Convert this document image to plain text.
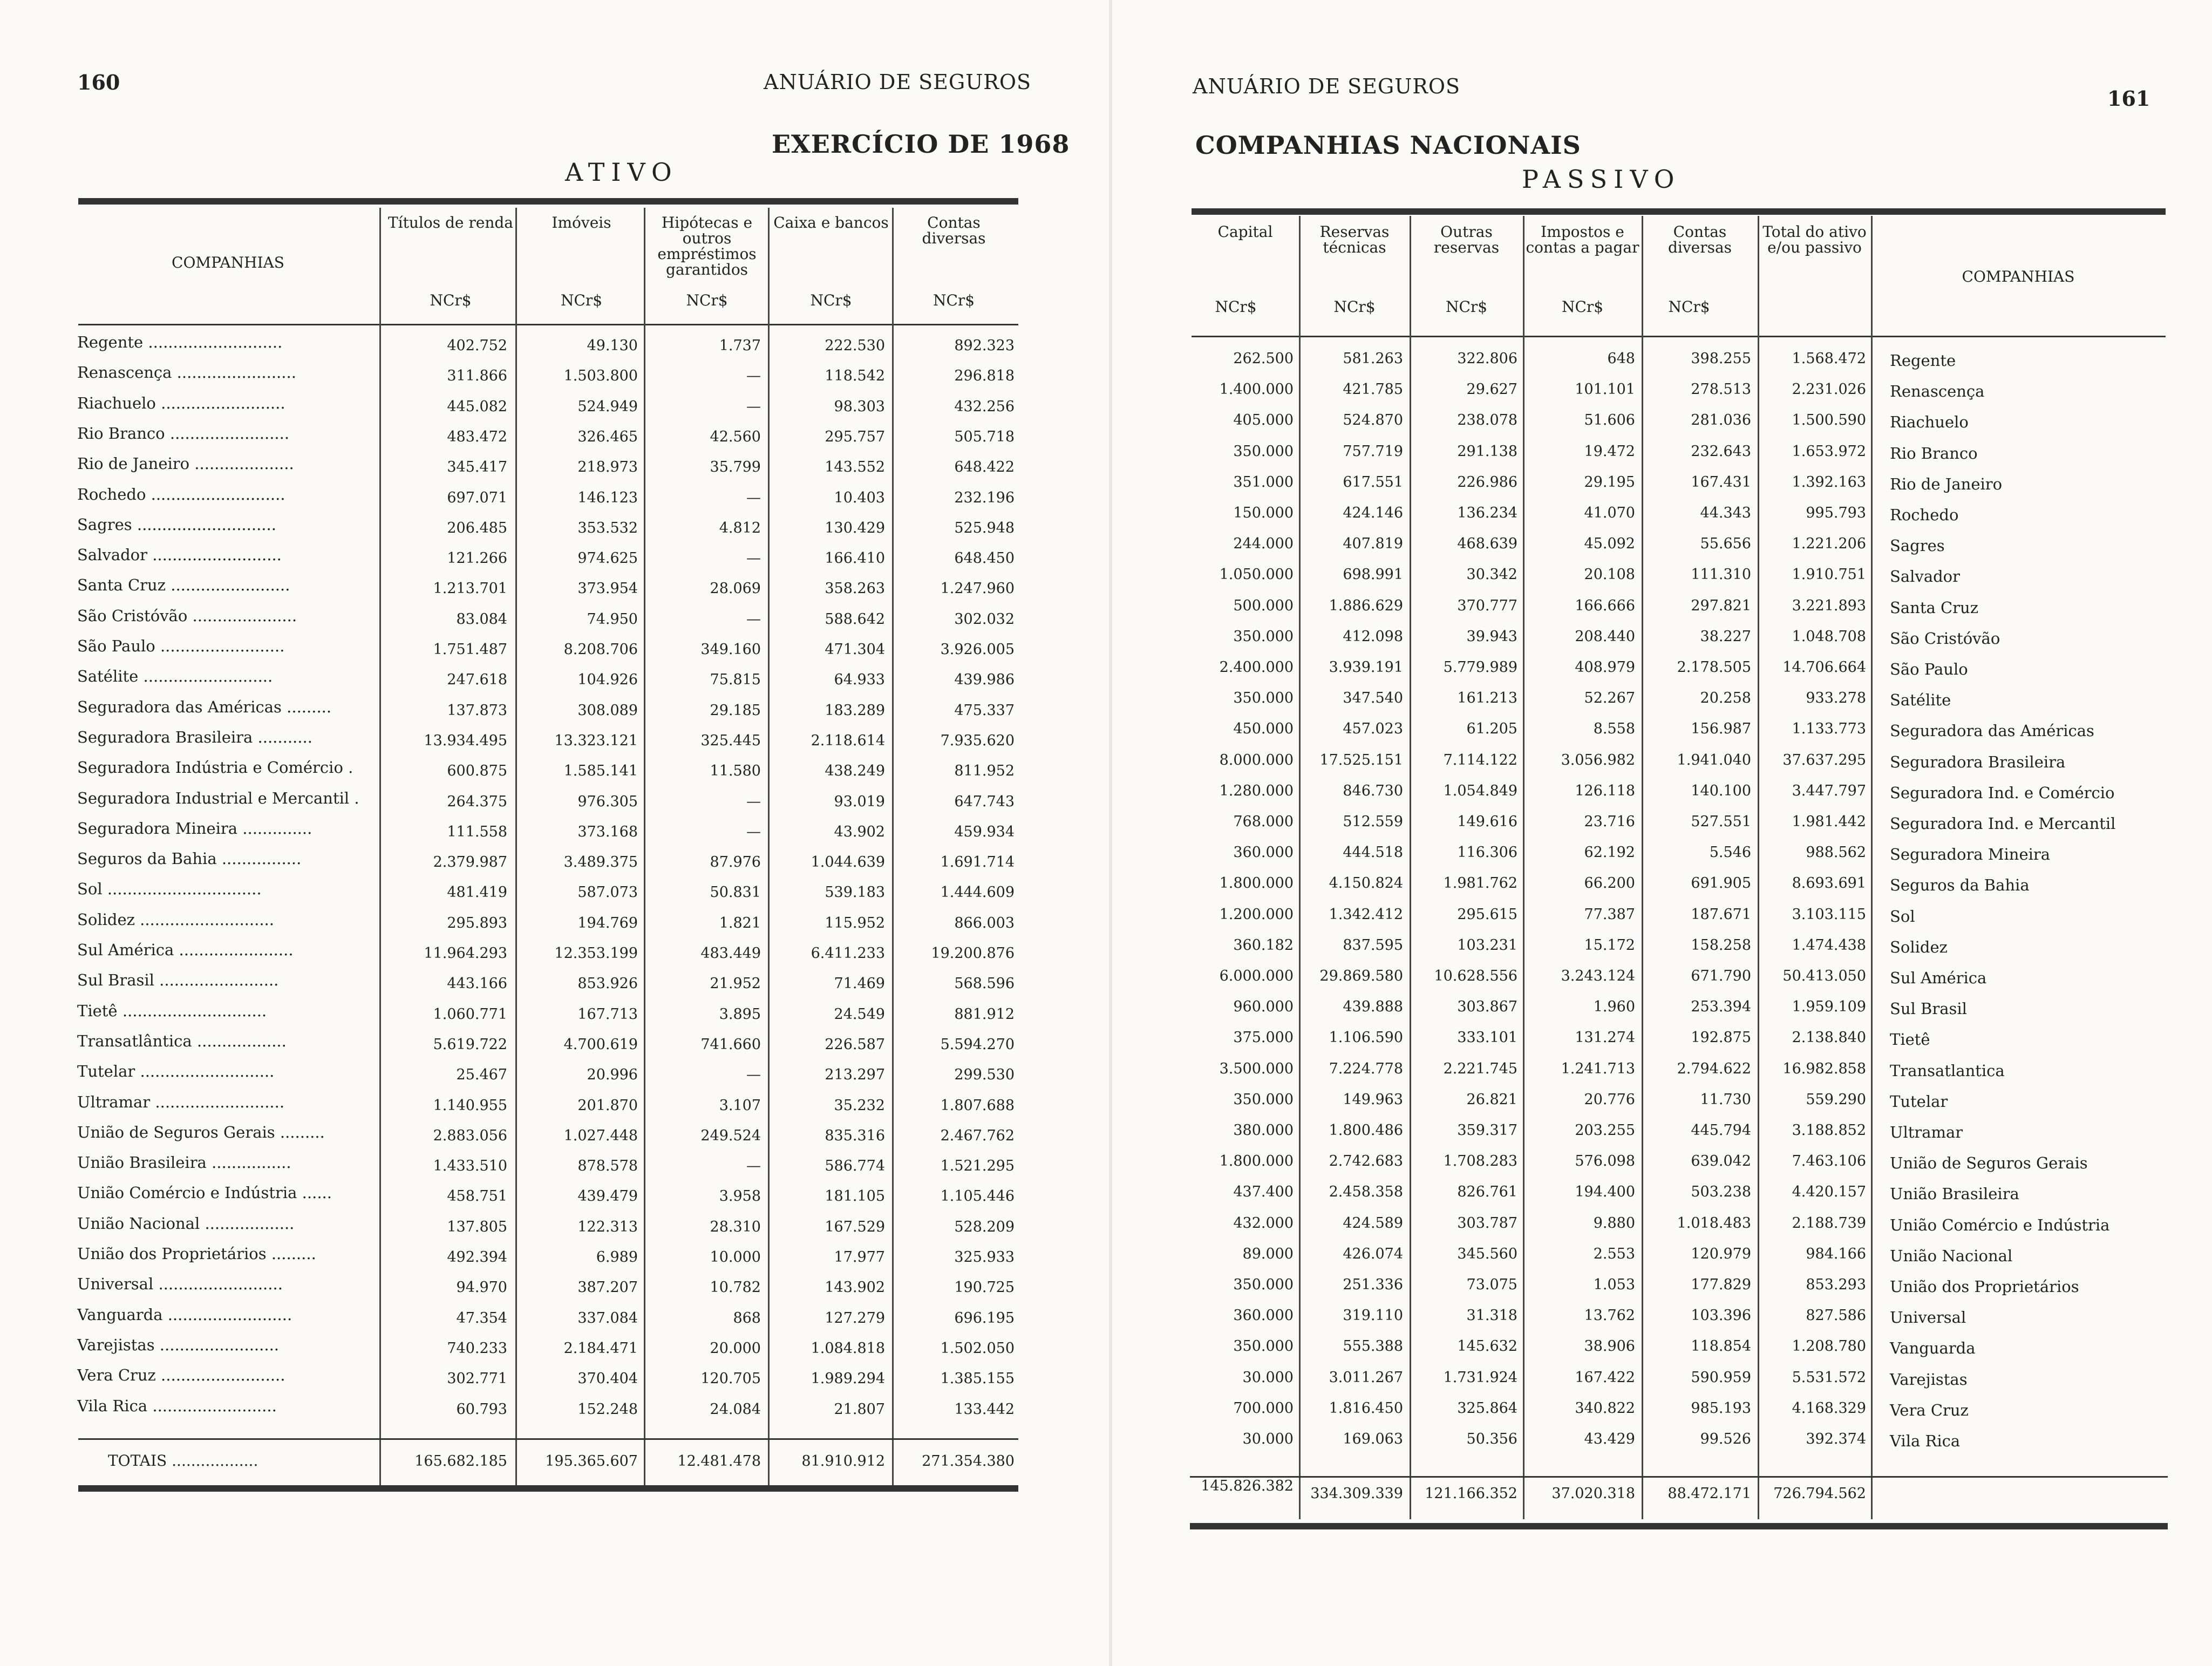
160	ANUÁRIO DE SEGUROS
EXERCÍCIO DE 1968
ATIVO
COMPANHIAS
Títulos de renda	Imóveis	Hipótecas e outros empréstimos garantidos
Caixa e bancos	Contas diversas
NCr$	NCr$	NCr$	NCr$	NCr$
Regente ...........................	402.752	49.130	1.737	222.530	892.323
Renascença ........................	311.866	1.503.800	—	118.542	296.818
Riachuelo .........................	445.082	524.949	—	98.303	432.256
Rio Branco ........................	483.472	326.465	42.560	295.757	505.718
Rio de Janeiro ....................	345.417	218.973	35.799	143.552	648.422
Rochedo ...........................	697.071	146.123	—	10.403	232.196
Sagres ............................	206.485	353.532	4.812	130.429	525.948
Salvador ..........................	121.266	974.625	—	166.410	648.450
Santa Cruz ........................	1.213.701	373.954	28.069	358.263	1.247.960
São Cristóvão .....................	83.084	74.950	—	588.642	302.032
São Paulo .........................	1.751.487	8.208.706	349.160	471.304	3.926.005
Satélite ..........................	247.618	104.926	75.815	64.933	439.986
Seguradora das Américas .........	137.873	308.089	29.185	183.289	475.337
Seguradora Brasileira ...........	13.934.495	13.323.121	325.445	2.118.614	7.935.620
Seguradora Indústria e Comércio .	600.875	1.585.141	11.580	438.249	811.952
Seguradora Industrial e Mercantil .	264.375	976.305	—	93.019	647.743
Seguradora Mineira ..............	111.558	373.168	—	43.902	459.934
Seguros da Bahia ................	2.379.987	3.489.375	87.976	1.044.639	1.691.714
Sol ...............................	481.419	587.073	50.831	539.183	1.444.609
Solidez ...........................	295.893	194.769	1.821	115.952	866.003
Sul América .......................	11.964.293	12.353.199	483.449	6.411.233	19.200.876
Sul Brasil ........................	443.166	853.926	21.952	71.469	568.596
Tietê .............................	1.060.771	167.713	3.895	24.549	881.912
Transatlântica ..................	5.619.722	4.700.619	741.660	226.587	5.594.270
Tutelar ...........................	25.467	20.996	—	213.297	299.530
Ultramar ..........................	1.140.955	201.870	3.107	35.232	1.807.688
União de Seguros Gerais .........	2.883.056	1.027.448	249.524	835.316	2.467.762
União Brasileira ................	1.433.510	878.578	—	586.774	1.521.295
União Comércio e Indústria ......	458.751	439.479	3.958	181.105	1.105.446
União Nacional ..................	137.805	122.313	28.310	167.529	528.209
União dos Proprietários .........	492.394	6.989	10.000	17.977	325.933
Universal .........................	94.970	387.207	10.782	143.902	190.725
Vanguarda .........................	47.354	337.084	868	127.279	696.195
Varejistas ........................	740.233	2.184.471	20.000	1.084.818	1.502.050
Vera Cruz .........................	302.771	370.404	120.705	1.989.294	1.385.155
Vila Rica .........................	60.793	152.248	24.084	21.807	133.442
TOTAIS ..................	165.682.185	195.365.607	12.481.478	81.910.912	271.354.380
ANUÁRIO DE SEGUROS	161
COMPANHIAS NACIONAIS
PASSIVO
Capital	Reservas técnicas
Outras reservas
Impostos e contas a pagar
Contas diversas
Total do ativo e/ou passivo
COMPANHIAS
NCr$	NCr$	NCr$	NCr$	NCr$
262.500	581.263	322.806	648	398.255	1.568.472 Regente
1.400.000	421.785	29.627	101.101	278.513	2.231.026 Renascença
405.000	524.870	238.078	51.606	281.036	1.500.590 Riachuelo
350.000	757.719	291.138	19.472	232.643	1.653.972 Rio Branco
351.000	617.551	226.986	29.195	167.431	1.392.163 Rio de Janeiro
150.000	424.146	136.234	41.070	44.343	995.793 Rochedo
244.000	407.819	468.639	45.092	55.656	1.221.206 Sagres
1.050.000	698.991	30.342	20.108	111.310	1.910.751 Salvador
500.000	1.886.629	370.777	166.666	297.821	3.221.893 Santa Cruz
350.000	412.098	39.943	208.440	38.227	1.048.708 São Cristóvão
2.400.000	3.939.191	5.779.989	408.979	2.178.505	14.706.664 São Paulo
350.000	347.540	161.213	52.267	20.258	933.278 Satélite
450.000	457.023	61.205	8.558	156.987	1.133.773 Seguradora das Américas
8.000.000	17.525.151	7.114.122	3.056.982	1.941.040	37.637.295 Seguradora Brasileira
1.280.000	846.730	1.054.849	126.118	140.100	3.447.797 Seguradora Ind. e Comércio
768.000	512.559	149.616	23.716	527.551	1.981.442 Seguradora Ind. e Mercantil
360.000	444.518	116.306	62.192	5.546	988.562 Seguradora Mineira
1.800.000	4.150.824	1.981.762	66.200	691.905	8.693.691 Seguros da Bahia
1.200.000	1.342.412	295.615	77.387	187.671	3.103.115 Sol
360.182	837.595	103.231	15.172	158.258	1.474.438 Solidez
6.000.000	29.869.580	10.628.556	3.243.124	671.790	50.413.050 Sul América
960.000	439.888	303.867	1.960	253.394	1.959.109 Sul Brasil
375.000	1.106.590	333.101	131.274	192.875	2.138.840 Tietê
3.500.000	7.224.778	2.221.745	1.241.713	2.794.622	16.982.858 Transatlantica
350.000	149.963	26.821	20.776	11.730	559.290 Tutelar
380.000	1.800.486	359.317	203.255	445.794	3.188.852 Ultramar
1.800.000	2.742.683	1.708.283	576.098	639.042	7.463.106 União de Seguros Gerais
437.400	2.458.358	826.761	194.400	503.238	4.420.157 União Brasileira
432.000	424.589	303.787	9.880	1.018.483	2.188.739 União Comércio e Indústria
89.000	426.074	345.560	2.553	120.979	984.166 União Nacional
350.000	251.336	73.075	1.053	177.829	853.293 União dos Proprietários
360.000	319.110	31.318	13.762	103.396	827.586 Universal
350.000	555.388	145.632	38.906	118.854	1.208.780 Vanguarda
30.000	3.011.267	1.731.924	167.422	590.959	5.531.572 Varejistas
700.000	1.816.450	325.864	340.822	985.193	4.168.329 Vera Cruz
30.000	169.063	50.356	43.429	99.526	392.374 Vila Rica
145.826.382	334.309.339	121.166.352	37.020.318	88.472.171	726.794.562
